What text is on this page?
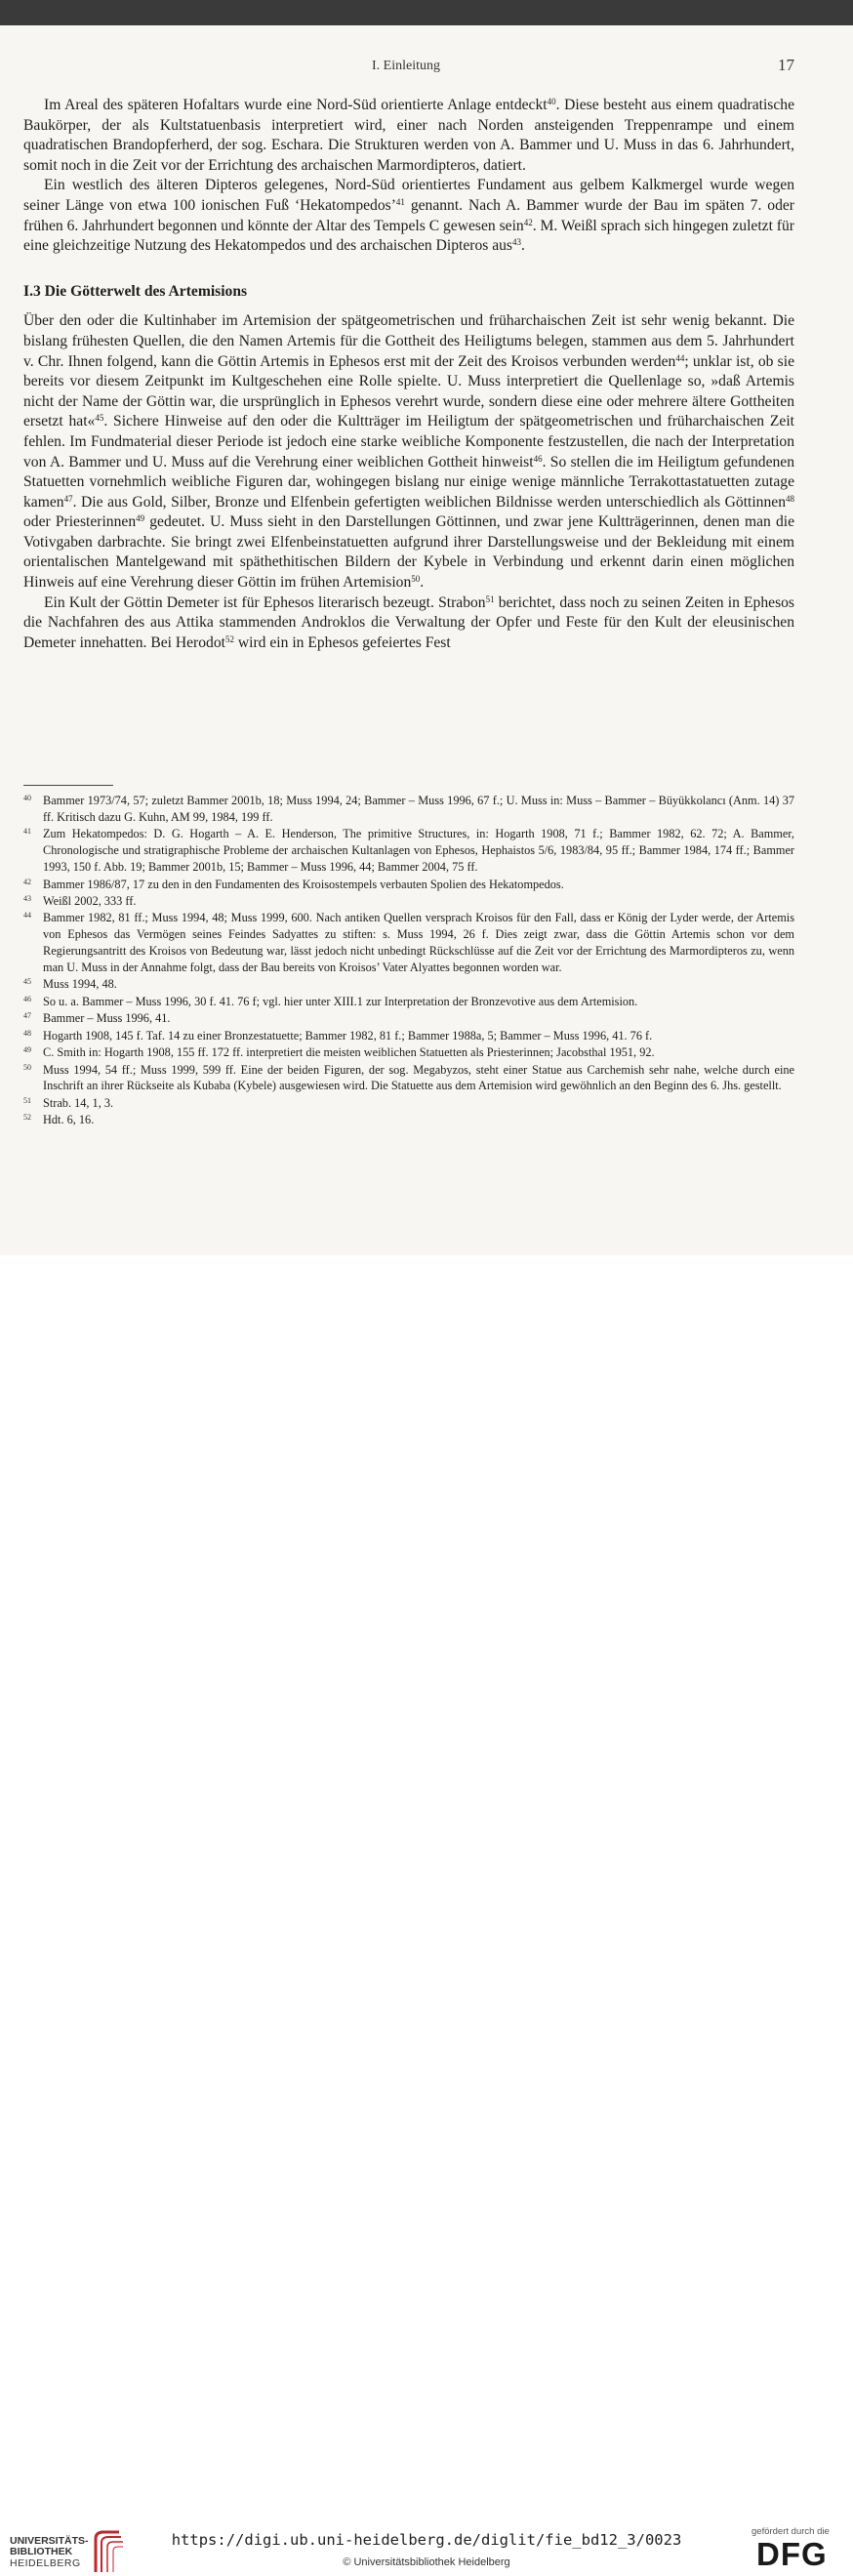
I. Einleitung	17

Im Areal des späteren Hofaltars wurde eine Nord-Süd orientierte Anlage entdeckt$^{40}$. Diese besteht aus einem quadratische Baukörper, der als Kultstatuenbasis interpretiert wird, einer nach Norden ansteigenden Treppenrampe und einem quadratischen Brandopferherd, der sog. Eschara. Die Strukturen werden von A. Bammer und U. Muss in das 6. Jahrhundert, somit noch in die Zeit vor der Errichtung des archaischen Marmordipteros, datiert.

Ein westlich des älteren Dipteros gelegenes, Nord-Süd orientiertes Fundament aus gelbem Kalkmergel wurde wegen seiner Länge von etwa 100 ionischen Fuß ‘Hekatompedos’$^{41}$ genannt. Nach A. Bammer wurde der Bau im späten 7. oder frühen 6. Jahrhundert begonnen und könnte der Altar des Tempels C gewesen sein$^{42}$. M. Weißl sprach sich hingegen zuletzt für eine gleichzeitige Nutzung des Hekatompedos und des archaischen Dipteros aus$^{43}$.

I.3 Die Götterwelt des Artemisions

Über den oder die Kultinhaber im Artemision der spätgeometrischen und früharchaischen Zeit ist sehr wenig bekannt. Die bislang frühesten Quellen, die den Namen Artemis für die Gottheit des Heiligtums belegen, stammen aus dem 5. Jahrhundert v. Chr. Ihnen folgend, kann die Göttin Artemis in Ephesos erst mit der Zeit des Kroisos verbunden werden$^{44}$; unklar ist, ob sie bereits vor diesem Zeitpunkt im Kultgeschehen eine Rolle spielte. U. Muss interpretiert die Quellenlage so, »daß Artemis nicht der Name der Göttin war, die ursprünglich in Ephesos verehrt wurde, sondern diese eine oder mehrere ältere Gottheiten ersetzt hat«$^{45}$. Sichere Hinweise auf den oder die Kultträger im Heiligtum der spätgeometrischen und früharchaischen Zeit fehlen. Im Fundmaterial dieser Periode ist jedoch eine starke weibliche Komponente festzustellen, die nach der Interpretation von A. Bammer und U. Muss auf die Verehrung einer weiblichen Gottheit hinweist$^{46}$. So stellen die im Heiligtum gefundenen Statuetten vornehmlich weibliche Figuren dar, wohingegen bislang nur einige wenige männliche Terrakottastatuetten zutage kamen$^{47}$. Die aus Gold, Silber, Bronze und Elfenbein gefertigten weiblichen Bildnisse werden unterschiedlich als Göttinnen$^{48}$ oder Priesterinnen$^{49}$ gedeutet. U. Muss sieht in den Darstellungen Göttinnen, und zwar jene Kultträgerinnen, denen man die Votivgaben darbrachte. Sie bringt zwei Elfenbeinstatuetten aufgrund ihrer Darstellungsweise und der Bekleidung mit einem orientalischen Mantelgewand mit späthethitischen Bildern der Kybele in Verbindung und erkennt darin einen möglichen Hinweis auf eine Verehrung dieser Göttin im frühen Artemision$^{50}$.

Ein Kult der Göttin Demeter ist für Ephesos literarisch bezeugt. Strabon$^{51}$ berichtet, dass noch zu seinen Zeiten in Ephesos die Nachfahren des aus Attika stammenden Androklos die Verwaltung der Opfer und Feste für den Kult der eleusinischen Demeter innehatten. Bei Herodot$^{52}$ wird ein in Ephesos gefeiertes Fest

40 Bammer 1973/74, 57; zuletzt Bammer 2001b, 18; Muss 1994, 24; Bammer – Muss 1996, 67 f.; U. Muss in: Muss – Bammer – Büyükkolancı (Anm. 14) 37 ff. Kritisch dazu G. Kuhn, AM 99, 1984, 199 ff.
41 Zum Hekatompedos: D. G. Hogarth – A. E. Henderson, The primitive Structures, in: Hogarth 1908, 71 f.; Bammer 1982, 62. 72; A. Bammer, Chronologische und stratigraphische Probleme der archaischen Kultanlagen von Ephesos, Hephaistos 5/6, 1983/84, 95 ff.; Bammer 1984, 174 ff.; Bammer 1993, 150 f. Abb. 19; Bammer 2001b, 15; Bammer – Muss 1996, 44; Bammer 2004, 75 ff.
42 Bammer 1986/87, 17 zu den in den Fundamenten des Kroisostempels verbauten Spolien des Hekatompedos.
43 Weißl 2002, 333 ff.
44 Bammer 1982, 81 ff.; Muss 1994, 48; Muss 1999, 600. Nach antiken Quellen versprach Kroisos für den Fall, dass er König der Lyder werde, der Artemis von Ephesos das Vermögen seines Feindes Sadyattes zu stiften: s. Muss 1994, 26 f. Dies zeigt zwar, dass die Göttin Artemis schon vor dem Regierungsantritt des Kroisos von Bedeutung war, lässt jedoch nicht unbedingt Rückschlüsse auf die Zeit vor der Errichtung des Marmordipteros zu, wenn man U. Muss in der Annahme folgt, dass der Bau bereits von Kroisos’ Vater Alyattes begonnen worden war.
45 Muss 1994, 48.
46 So u. a. Bammer – Muss 1996, 30 f. 41. 76 f; vgl. hier unter XIII.1 zur Interpretation der Bronzevotive aus dem Artemision.
47 Bammer – Muss 1996, 41.
48 Hogarth 1908, 145 f. Taf. 14 zu einer Bronzestatuette; Bammer 1982, 81 f.; Bammer 1988a, 5; Bammer – Muss 1996, 41. 76 f.
49 C. Smith in: Hogarth 1908, 155 ff. 172 ff. interpretiert die meisten weiblichen Statuetten als Priesterinnen; Jacobsthal 1951, 92.
50 Muss 1994, 54 ff.; Muss 1999, 599 ff. Eine der beiden Figuren, der sog. Megabyzos, steht einer Statue aus Carchemish sehr nahe, welche durch eine Inschrift an ihrer Rückseite als Kubaba (Kybele) ausgewiesen wird. Die Statuette aus dem Artemision wird gewöhnlich an den Beginn des 6. Jhs. gestellt.
51 Strab. 14, 1, 3.
52 Hdt. 6, 16.
UNIVERSITÄTS-
BIBLIOTHEK
HEIDELBERG
https://digi.ub.uni-heidelberg.de/diglit/fie_bd12_3/0023
© Universitätsbibliothek Heidelberg
gefördert durch die
DFG
